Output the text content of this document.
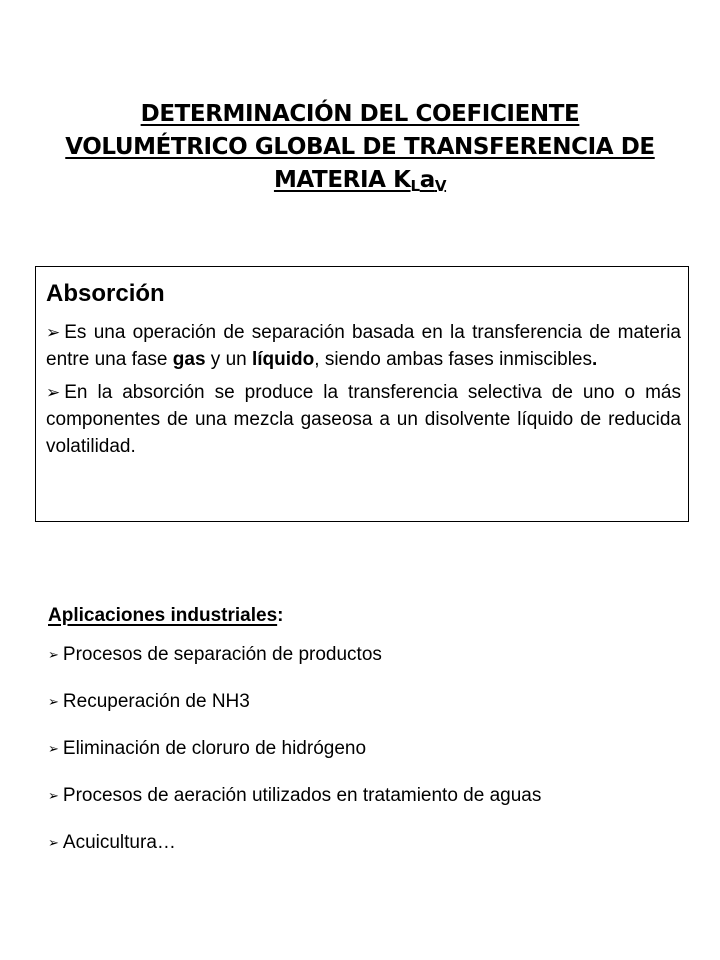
DETERMINACIÓN DEL COEFICIENTE
VOLUMÉTRICO GLOBAL DE TRANSFERENCIA DE
MATERIA $K_La_V$
Absorción

➢ Es una operación de separación basada en la transferencia de materia entre una fase gas y un líquido, siendo ambas fases inmiscibles.

➢ En la absorción se produce la transferencia selectiva de uno o más componentes de una mezcla gaseosa a un disolvente líquido de reducida volatilidad.

Aplicaciones industriales:
➢ Procesos de separación de productos
➢ Recuperación de NH3
➢ Eliminación de cloruro de hidrógeno
➢ Procesos de aeración utilizados en tratamiento de aguas
➢ Acuicultura…
